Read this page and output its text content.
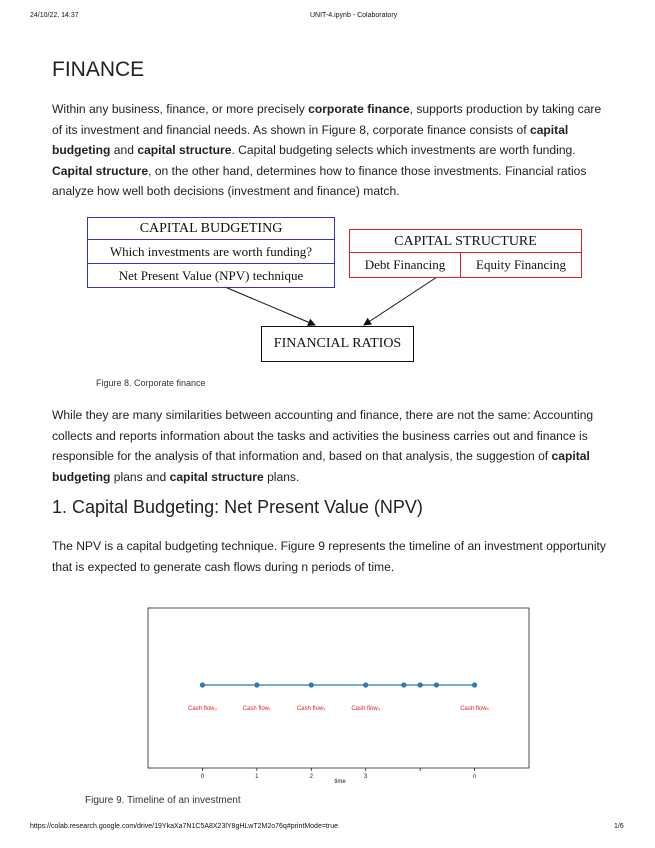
24/10/22, 14:37	UNIT-4.ipynb - Colaboratory
FINANCE

Within any business, finance, or more precisely corporate finance, supports production by taking care of its investment and financial needs. As shown in Figure 8, corporate finance consists of capital budgeting and capital structure. Capital budgeting selects which investments are worth funding. Capital structure, on the other hand, determines how to finance those investments. Financial ratios analyze how well both decisions (investment and finance) match.

CAPITAL BUDGETING
Which investments are worth funding?
Net Present Value (NPV) technique
CAPITAL STRUCTURE
Debt Financing	Equity Financing
FINANCIAL RATIOS
Figure 8. Corporate finance

While they are many similarities between accounting and finance, there are not the same: Accounting collects and reports information about the tasks and activities the business carries out and finance is responsible for the analysis of that information and, based on that analysis, the suggestion of capital budgeting plans and capital structure plans.

1. Capital Budgeting: Net Present Value (NPV)

The NPV is a capital budgeting technique. Figure 9 represents the timeline of an investment opportunity that is expected to generate cash flows during n periods of time.

Cash flow₀	Cash flow₁	Cash flow₂	Cash flow₃	Cash flowₙ
0	1	2	3	n
time
Figure 9. Timeline of an investment
https://colab.research.google.com/drive/19YkaXa7N1C5A8X23lY8gHLwT2M2o76q#printMode=true	1/6
